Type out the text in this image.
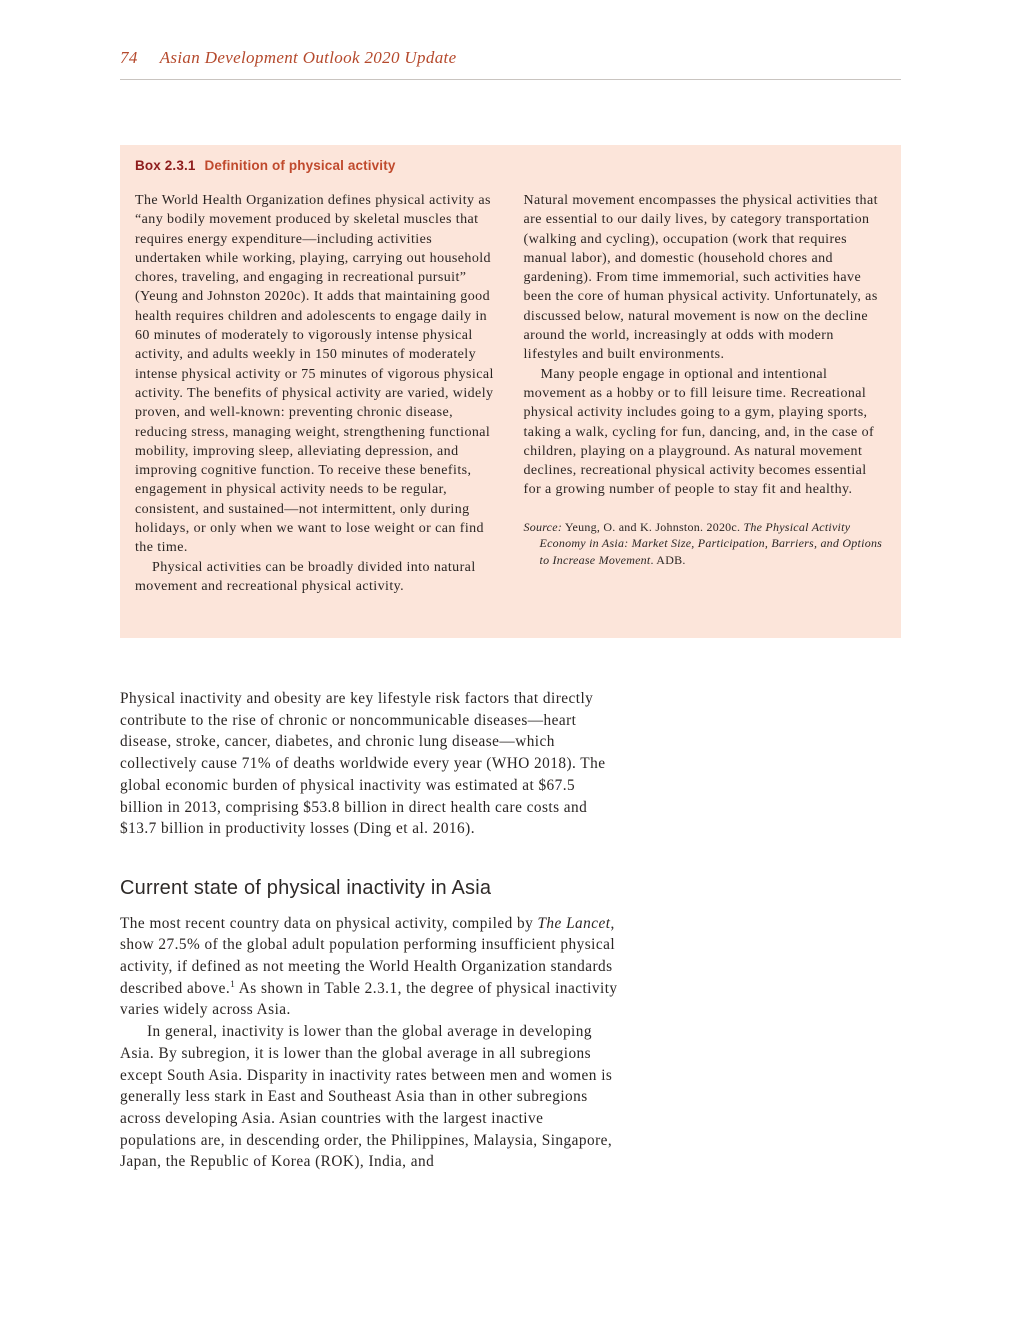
74 Asian Development Outlook 2020 Update
Box 2.3.1 Definition of physical activity

The World Health Organization defines physical activity as “any bodily movement produced by skeletal muscles that requires energy expenditure—including activities undertaken while working, playing, carrying out household chores, traveling, and engaging in recreational pursuit” (Yeung and Johnston 2020c). It adds that maintaining good health requires children and adolescents to engage daily in 60 minutes of moderately to vigorously intense physical activity, and adults weekly in 150 minutes of moderately intense physical activity or 75 minutes of vigorous physical activity. The benefits of physical activity are varied, widely proven, and well-known: preventing chronic disease, reducing stress, managing weight, strengthening functional mobility, improving sleep, alleviating depression, and improving cognitive function. To receive these benefits, engagement in physical activity needs to be regular, consistent, and sustained—not intermittent, only during holidays, or only when we want to lose weight or can find the time.

Physical activities can be broadly divided into natural movement and recreational physical activity.

Natural movement encompasses the physical activities that are essential to our daily lives, by category transportation (walking and cycling), occupation (work that requires manual labor), and domestic (household chores and gardening). From time immemorial, such activities have been the core of human physical activity. Unfortunately, as discussed below, natural movement is now on the decline around the world, increasingly at odds with modern lifestyles and built environments.

Many people engage in optional and intentional movement as a hobby or to fill leisure time. Recreational physical activity includes going to a gym, playing sports, taking a walk, cycling for fun, dancing, and, in the case of children, playing on a playground. As natural movement declines, recreational physical activity becomes essential for a growing number of people to stay fit and healthy.

Source: Yeung, O. and K. Johnston. 2020c. The Physical Activity Economy in Asia: Market Size, Participation, Barriers, and Options to Increase Movement. ADB.

Physical inactivity and obesity are key lifestyle risk factors that directly contribute to the rise of chronic or noncommunicable diseases—heart disease, stroke, cancer, diabetes, and chronic lung disease—which collectively cause 71% of deaths worldwide every year (WHO 2018). The global economic burden of physical inactivity was estimated at $67.5 billion in 2013, comprising $53.8 billion in direct health care costs and $13.7 billion in productivity losses (Ding et al. 2016).

Current state of physical inactivity in Asia

The most recent country data on physical activity, compiled by The Lancet, show 27.5% of the global adult population performing insufficient physical activity, if defined as not meeting the World Health Organization standards described above.$^1$ As shown in Table 2.3.1, the degree of physical inactivity varies widely across Asia.

In general, inactivity is lower than the global average in developing Asia. By subregion, it is lower than the global average in all subregions except South Asia. Disparity in inactivity rates between men and women is generally less stark in East and Southeast Asia than in other subregions across developing Asia. Asian countries with the largest inactive populations are, in descending order, the Philippines, Malaysia, Singapore, Japan, the Republic of Korea (ROK), India, and
